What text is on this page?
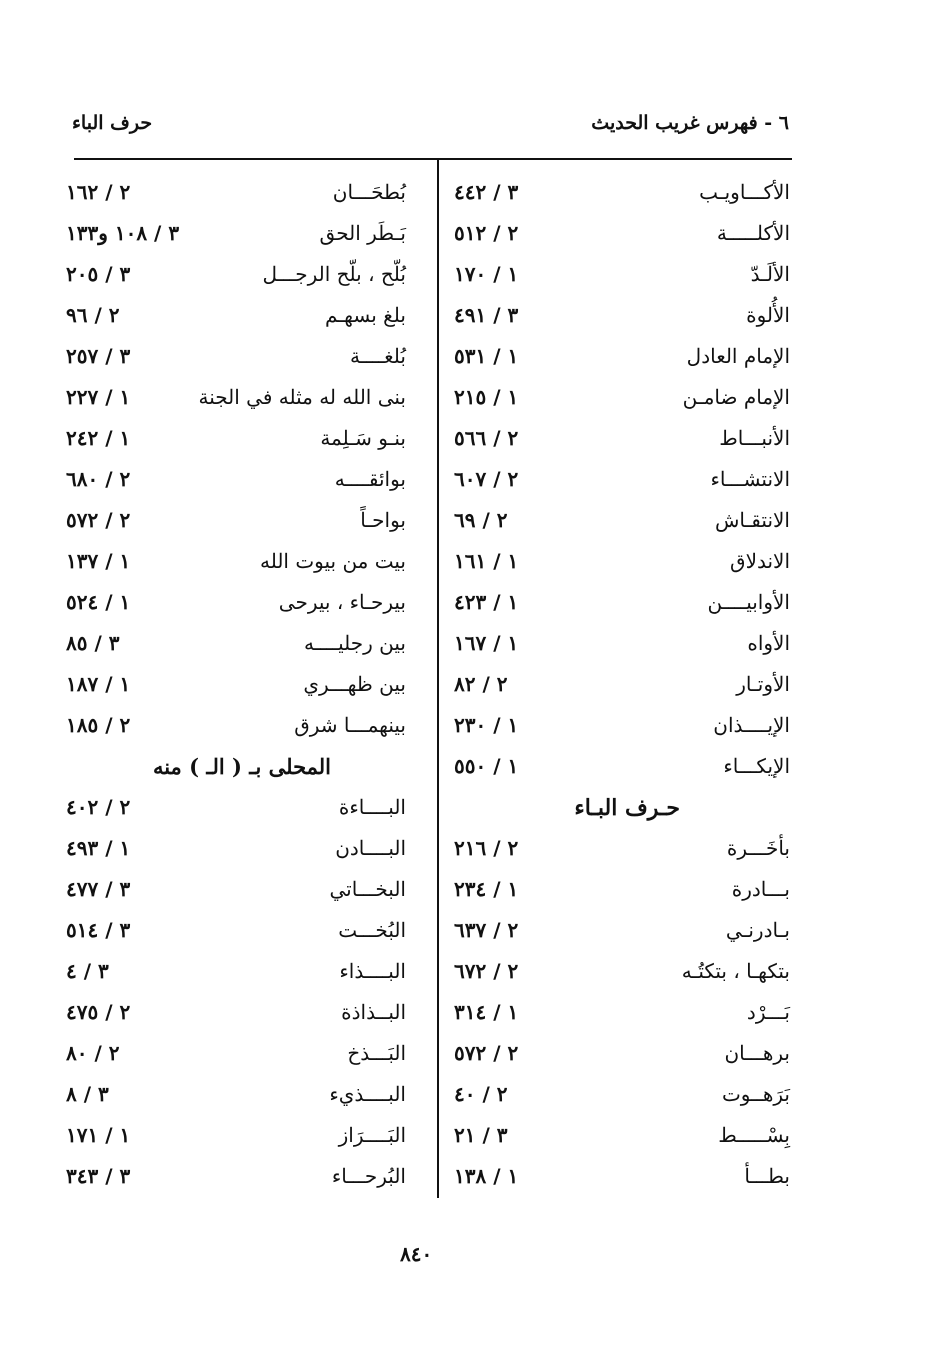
٦ - فهرس غريب الحديث
حرف الباء
الأكـــاويـب
٣ / ٤٤٢
الأكلـــــة
٢ / ٥١٢
الألَـدّ
١ / ١٧٠
الأُلوة
٣ / ٤٩١
الإمام العادل
١ / ٥٣١
الإمام ضامـن
١ / ٢١٥
الأنبـــاط
٢ / ٥٦٦
الانتشـــاء
٢ / ٦٠٧
الانتقـاش
٢ / ٦٩
الاندلاق
١ / ١٦١
الأوابيــــن
١ / ٤٢٣
الأواه
١ / ١٦٧
الأوتـار
٢ / ٨٢
الإيــــذان
١ / ٢٣٠
الإيكـــاء
١ / ٥٥٠
حـرف البـاء
بأخَـــرة
٢ / ٢١٦
بـــادرة
١ / ٢٣٤
بـادرنـي
٢ / ٦٣٧
بتكهـا ، بتكتُـه
٢ / ٦٧٢
بَـــرْد
١ / ٣١٤
برهـــان
٢ / ٥٧٢
بَرَهــوت
٢ / ٤٠
بِسْـــــط
٣ / ٢١
بطـــأ
١ / ١٣٨
بُطحَـــان
٢ / ١٦٢
بَـطَر الحق
٣ / ١٠٨ و١٣٣
بُلّح ، بلّح الرجـــل
٣ / ٢٠٥
بلغ بسهـم
٢ / ٩٦
بُلغــــة
٣ / ٢٥٧
بنى الله له مثله في الجنة
١ / ٢٢٧
بنـو سَـلِمة
١ / ٢٤٢
بوائقــــه
٢ / ٦٨٠
بواحـاً
٢ / ٥٧٢
بيت من بيوت الله
١ / ١٣٧
بيرحـاء ، بيرحى
١ / ٥٢٤
بين رجليــــه
٣ / ٨٥
بين ظهـــري
١ / ١٨٧
بينهمـــا شرق
٢ / ١٨٥
المحلى بـ ( الـ ) منه
البــــاءة
٢ / ٤٠٢
البــــادن
١ / ٤٩٣
البخـــاتي
٣ / ٤٧٧
البُخـــت
٣ / ٥١٤
البــــذاء
٣ / ٤
البــذاذة
٢ / ٤٧٥
البَـــذخ
٢ / ٨٠
البــــذيء
٣ / ٨
البَــــرَاز
١ / ١٧١
البُرحـــاء
٣ / ٣٤٣
٨٤٠
